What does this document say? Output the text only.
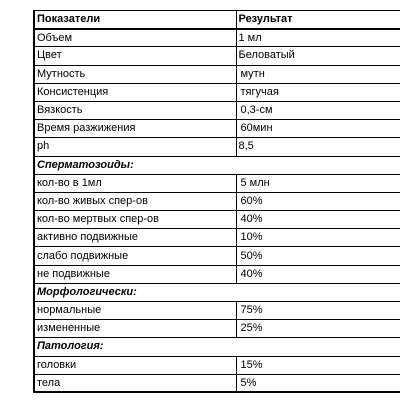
Показатели	Результат
Объем	1 мл
Цвет	Беловатый
Мутность	мутн
Консистенция	тягучая
Вязкость	0,3-см
Время разжижения	60мин
ph	8,5
Сперматозоиды:	
кол-во в 1мл	5 млн
кол-во живых спер-ов	60%
кол-во мертвых спер-ов	40%
активно подвижные	10%
слабо подвижные	50%
не подвижные	40%
Морфологически:	
нормальные	75%
измененные	25%
Патология:	
головки	15%
тела	5%
